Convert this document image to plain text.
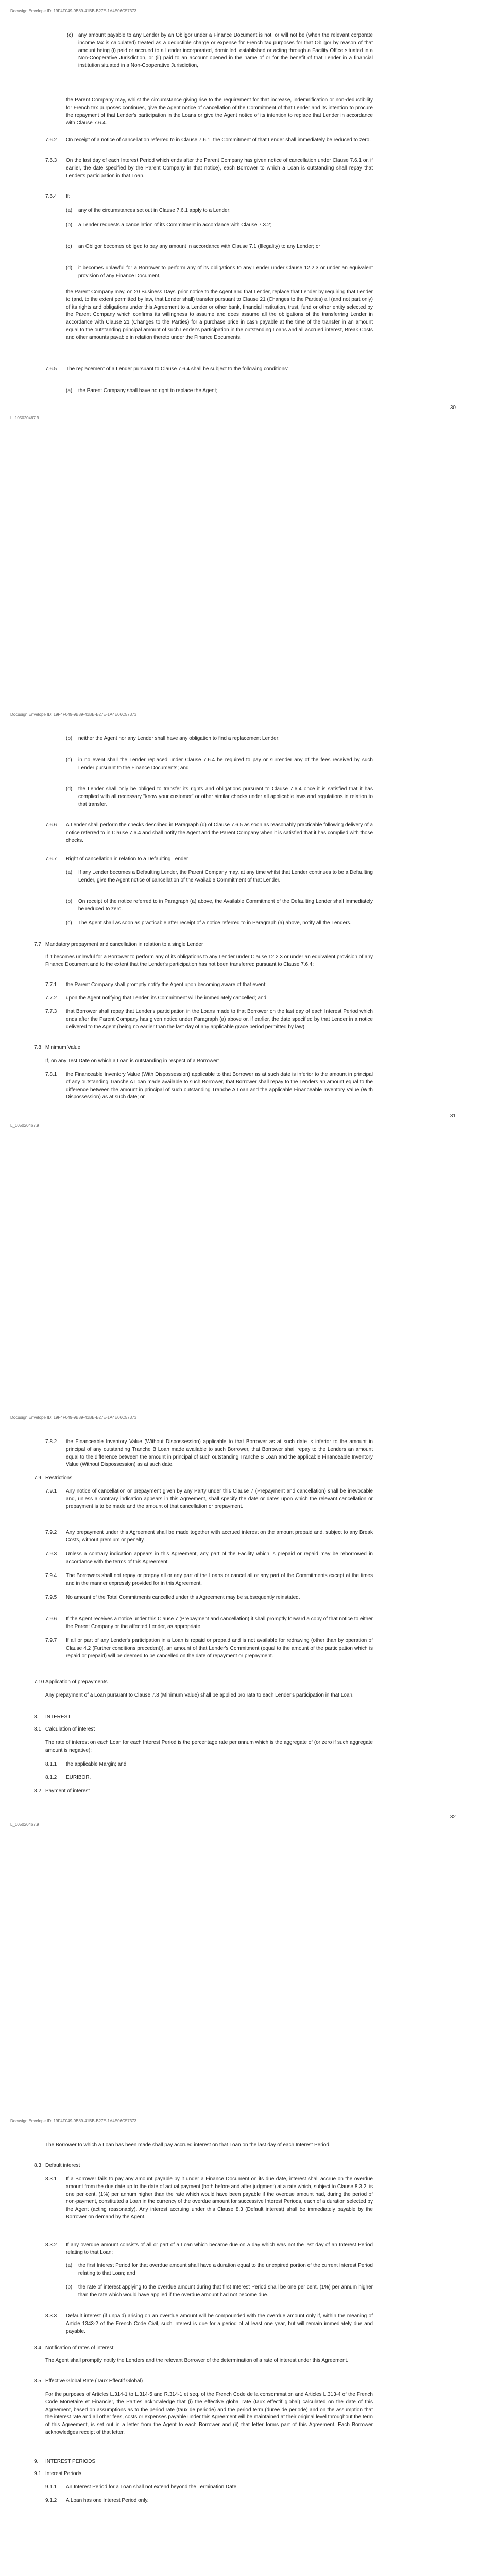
Docusign Envelope ID: 19F4F049-9B89-41BB-B27E-1A4E06C57373
(c) any amount payable to any Lender by an Obligor under a Finance Document is not, or will not be (when the relevant corporate income tax is calculated) treated as a deductible charge or expense for French tax purposes for that Obligor by reason of that amount being (i) paid or accrued to a Lender incorporated, domiciled, established or acting through a Facility Office situated in a Non-Cooperative Jurisdiction, or (ii) paid to an account opened in the name of or for the benefit of that Lender in a financial institution situated in a Non-Cooperative Jurisdiction,
the Parent Company may, whilst the circumstance giving rise to the requirement for that increase, indemnification or non-deductibility for French tax purposes continues, give the Agent notice of cancellation of the Commitment of that Lender and its intention to procure the repayment of that Lender's participation in the Loans or give the Agent notice of its intention to replace that Lender in accordance with Clause 7.6.4.
7.6.2 On receipt of a notice of cancellation referred to in Clause 7.6.1, the Commitment of that Lender shall immediately be reduced to zero.
7.6.3 On the last day of each Interest Period which ends after the Parent Company has given notice of cancellation under Clause 7.6.1 or, if earlier, the date specified by the Parent Company in that notice), each Borrower to which a Loan is outstanding shall repay that Lender's participation in that Loan.
7.6.4 If:
(a) any of the circumstances set out in Clause 7.6.1 apply to a Lender;
(b) a Lender requests a cancellation of its Commitment in accordance with Clause 7.3.2;
(c) an Obligor becomes obliged to pay any amount in accordance with Clause 7.1 (Illegality) to any Lender; or
(d) it becomes unlawful for a Borrower to perform any of its obligations to any Lender under Clause 12.2.3 or under an equivalent provision of any Finance Document,
the Parent Company may, on 20 Business Days' prior notice to the Agent and that Lender, replace that Lender by requiring that Lender to (and, to the extent permitted by law, that Lender shall) transfer pursuant to Clause 21 (Changes to the Parties) all (and not part only) of its rights and obligations under this Agreement to a Lender or other bank, financial institution, trust, fund or other entity selected by the Parent Company which confirms its willingness to assume and does assume all the obligations of the transferring Lender in accordance with Clause 21 (Changes to the Parties) for a purchase price in cash payable at the time of the transfer in an amount equal to the outstanding principal amount of such Lender's participation in the outstanding Loans and all accrued interest, Break Costs and other amounts payable in relation thereto under the Finance Documents.
7.6.5 The replacement of a Lender pursuant to Clause 7.6.4 shall be subject to the following conditions:
(a) the Parent Company shall have no right to replace the Agent;
30
L_105020467.9
Docusign Envelope ID: 19F4F049-9B89-41BB-B27E-1A4E06C57373
(b) neither the Agent nor any Lender shall have any obligation to find a replacement Lender;
(c) in no event shall the Lender replaced under Clause 7.6.4 be required to pay or surrender any of the fees received by such Lender pursuant to the Finance Documents; and
(d) the Lender shall only be obliged to transfer its rights and obligations pursuant to Clause 7.6.4 once it is satisfied that it has complied with all necessary "know your customer" or other similar checks under all applicable laws and regulations in relation to that transfer.
7.6.6 A Lender shall perform the checks described in Paragraph (d) of Clause 7.6.5 as soon as reasonably practicable following delivery of a notice referred to in Clause 7.6.4 and shall notify the Agent and the Parent Company when it is satisfied that it has complied with those checks.
7.6.7 Right of cancellation in relation to a Defaulting Lender
(a) If any Lender becomes a Defaulting Lender, the Parent Company may, at any time whilst that Lender continues to be a Defaulting Lender, give the Agent notice of cancellation of the Available Commitment of that Lender.
(b) On receipt of the notice referred to in Paragraph (a) above, the Available Commitment of the Defaulting Lender shall immediately be reduced to zero.
(c) The Agent shall as soon as practicable after receipt of a notice referred to in Paragraph (a) above, notify all the Lenders.
7.7 Mandatory prepayment and cancellation in relation to a single Lender
If it becomes unlawful for a Borrower to perform any of its obligations to any Lender under Clause 12.2.3 or under an equivalent provision of any Finance Document and to the extent that the Lender's participation has not been transferred pursuant to Clause 7.6.4:
7.7.1 the Parent Company shall promptly notify the Agent upon becoming aware of that event;
7.7.2 upon the Agent notifying that Lender, its Commitment will be immediately cancelled; and
7.7.3 that Borrower shall repay that Lender's participation in the Loans made to that Borrower on the last day of each Interest Period which ends after the Parent Company has given notice under Paragraph (a) above or, if earlier, the date specified by that Lender in a notice delivered to the Agent (being no earlier than the last day of any applicable grace period permitted by law).
7.8 Minimum Value
If, on any Test Date on which a Loan is outstanding in respect of a Borrower:
7.8.1 the Financeable Inventory Value (With Dispossession) applicable to that Borrower as at such date is inferior to the amount in principal of any outstanding Tranche A Loan made available to such Borrower, that Borrower shall repay to the Lenders an amount equal to the difference between the amount in principal of such outstanding Tranche A Loan and the applicable Financeable Inventory Value (With Dispossession) as at such date; or
31
L_105020467.9
Docusign Envelope ID: 19F4F049-9B89-41BB-B27E-1A4E06C57373
7.8.2 the Financeable Inventory Value (Without Dispossession) applicable to that Borrower as at such date is inferior to the amount in principal of any outstanding Tranche B Loan made available to such Borrower, that Borrower shall repay to the Lenders an amount equal to the difference between the amount in principal of such outstanding Tranche B Loan and the applicable Financeable Inventory Value (Without Dispossession) as at such date.
7.9 Restrictions
7.9.1 Any notice of cancellation or prepayment given by any Party under this Clause 7 (Prepayment and cancellation) shall be irrevocable and, unless a contrary indication appears in this Agreement, shall specify the date or dates upon which the relevant cancellation or prepayment is to be made and the amount of that cancellation or prepayment.
7.9.2 Any prepayment under this Agreement shall be made together with accrued interest on the amount prepaid and, subject to any Break Costs, without premium or penalty.
7.9.3 Unless a contrary indication appears in this Agreement, any part of the Facility which is prepaid or repaid may be reborrowed in accordance with the terms of this Agreement.
7.9.4 The Borrowers shall not repay or prepay all or any part of the Loans or cancel all or any part of the Commitments except at the times and in the manner expressly provided for in this Agreement.
7.9.5 No amount of the Total Commitments cancelled under this Agreement may be subsequently reinstated.
7.9.6 If the Agent receives a notice under this Clause 7 (Prepayment and cancellation) it shall promptly forward a copy of that notice to either the Parent Company or the affected Lender, as appropriate.
7.9.7 If all or part of any Lender's participation in a Loan is repaid or prepaid and is not available for redrawing (other than by operation of Clause 4.2 (Further conditions precedent)), an amount of that Lender's Commitment (equal to the amount of the participation which is repaid or prepaid) will be deemed to be cancelled on the date of repayment or prepayment.
7.10 Application of prepayments
Any prepayment of a Loan pursuant to Clause 7.8 (Minimum Value) shall be applied pro rata to each Lender's participation in that Loan.
8. INTEREST
8.1 Calculation of interest
The rate of interest on each Loan for each Interest Period is the percentage rate per annum which is the aggregate of (or zero if such aggregate amount is negative):
8.1.1 the applicable Margin; and
8.1.2 EURIBOR.
8.2 Payment of interest
32
L_105020467.9
Docusign Envelope ID: 19F4F049-9B89-41BB-B27E-1A4E06C57373
The Borrower to which a Loan has been made shall pay accrued interest on that Loan on the last day of each Interest Period.
8.3 Default interest
8.3.1 If a Borrower fails to pay any amount payable by it under a Finance Document on its due date, interest shall accrue on the overdue amount from the due date up to the date of actual payment (both before and after judgment) at a rate which, subject to Clause 8.3.2, is one per cent. (1%) per annum higher than the rate which would have been payable if the overdue amount had, during the period of non-payment, constituted a Loan in the currency of the overdue amount for successive Interest Periods, each of a duration selected by the Agent (acting reasonably). Any interest accruing under this Clause 8.3 (Default interest) shall be immediately payable by the Borrower on demand by the Agent.
8.3.2 If any overdue amount consists of all or part of a Loan which became due on a day which was not the last day of an Interest Period relating to that Loan:
(a) the first Interest Period for that overdue amount shall have a duration equal to the unexpired portion of the current Interest Period relating to that Loan; and
(b) the rate of interest applying to the overdue amount during that first Interest Period shall be one per cent. (1%) per annum higher than the rate which would have applied if the overdue amount had not become due.
8.3.3 Default interest (if unpaid) arising on an overdue amount will be compounded with the overdue amount only if, within the meaning of Article 1343-2 of the French Code Civil, such interest is due for a period of at least one year, but will remain immediately due and payable.
8.4 Notification of rates of interest
The Agent shall promptly notify the Lenders and the relevant Borrower of the determination of a rate of interest under this Agreement.
8.5 Effective Global Rate (Taux Effectif Global)
For the purposes of Articles L.314-1 to L.314-5 and R.314-1 et seq. of the French Code de la consommation and Articles L.313-4 of the French Code Monetaire et Financier, the Parties acknowledge that (i) the effective global rate (taux effectif global) calculated on the date of this Agreement, based on assumptions as to the period rate (taux de periode) and the period term (duree de periode) and on the assumption that the interest rate and all other fees, costs or expenses payable under this Agreement will be maintained at their original level throughout the term of this Agreement, is set out in a letter from the Agent to each Borrower and (ii) that letter forms part of this Agreement. Each Borrower acknowledges receipt of that letter.
9. INTEREST PERIODS
9.1 Interest Periods
9.1.1 An Interest Period for a Loan shall not extend beyond the Termination Date.
9.1.2 A Loan has one Interest Period only.
